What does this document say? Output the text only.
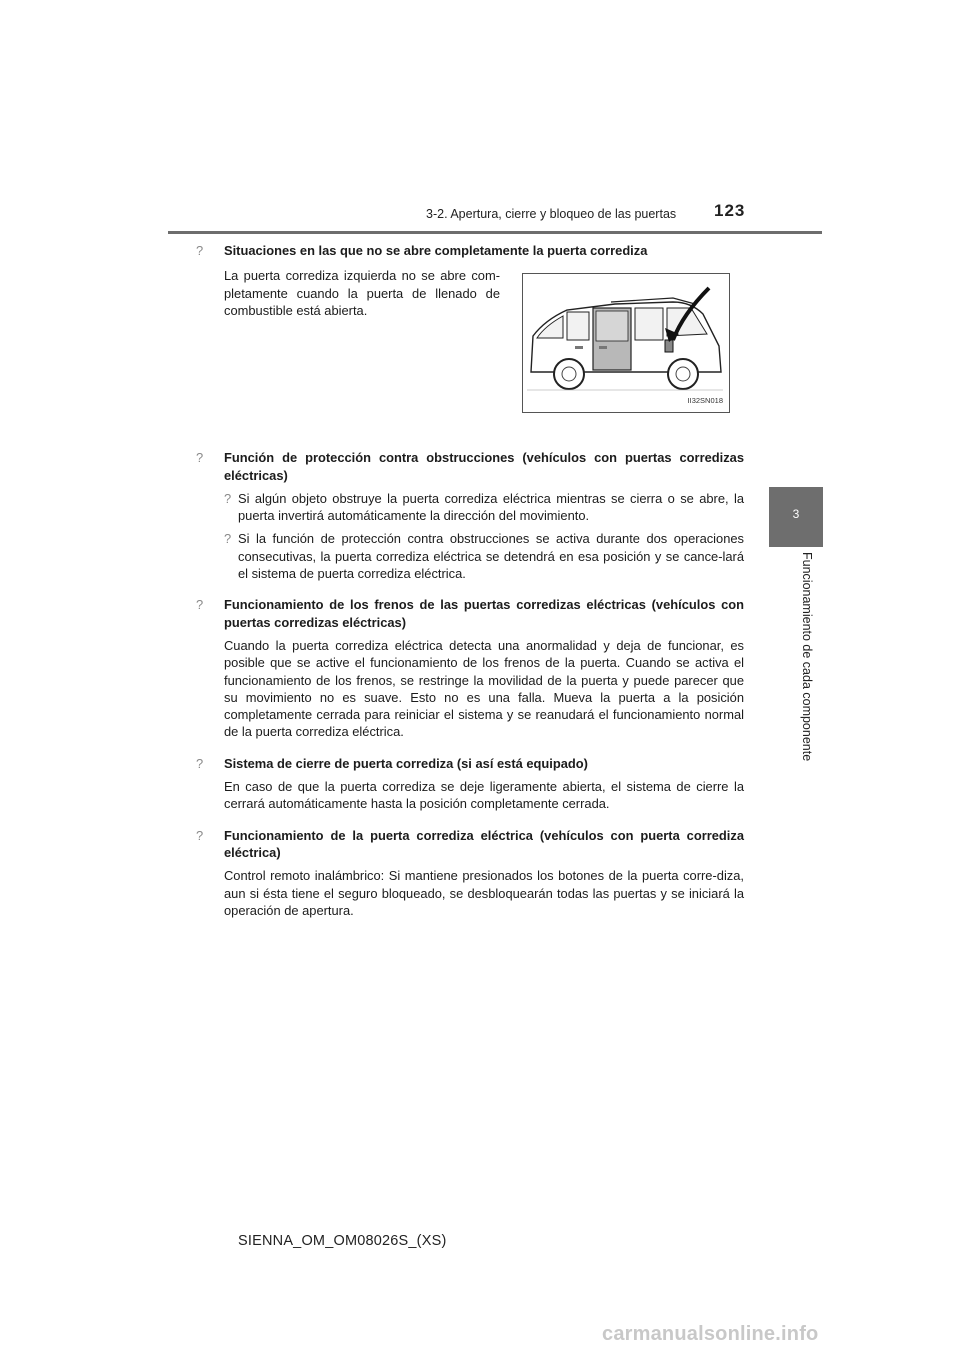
3-2. Apertura, cierre y bloqueo de las puertas	123
3
Funcionamiento de cada componente
?	Situaciones en las que no se abre completamente la puerta corrediza

La puerta corrediza izquierda no se abre com-pletamente cuando la puerta de llenado de combustible está abierta.
II32SN018
?	Función de protección contra obstrucciones (vehículos con puertas corredizas eléctricas)

? Si algún objeto obstruye la puerta corrediza eléctrica mientras se cierra o se abre, la puerta invertirá automáticamente la dirección del movimiento.
? Si la función de protección contra obstrucciones se activa durante dos operaciones consecutivas, la puerta corrediza eléctrica se detendrá en esa posición y se cance-lará el sistema de puerta corrediza eléctrica.
?	Funcionamiento de los frenos de las puertas corredizas eléctricas (vehículos con puertas corredizas eléctricas)

Cuando la puerta corrediza eléctrica detecta una anormalidad y deja de funcionar, es posible que se active el funcionamiento de los frenos de la puerta. Cuando se activa el funcionamiento de los frenos, se restringe la movilidad de la puerta y puede parecer que su movimiento no es suave. Esto no es una falla. Mueva la puerta a la posición completamente cerrada para reiniciar el sistema y se reanudará el funcionamiento normal de la puerta corrediza eléctrica.

?	Sistema de cierre de puerta corrediza (si así está equipado)

En caso de que la puerta corrediza se deje ligeramente abierta, el sistema de cierre la cerrará automáticamente hasta la posición completamente cerrada.

?	Funcionamiento de la puerta corrediza eléctrica (vehículos con puerta corrediza eléctrica)

Control remoto inalámbrico: Si mantiene presionados los botones de la puerta corre-diza, aun si ésta tiene el seguro bloqueado, se desbloquearán todas las puertas y se iniciará la operación de apertura.

SIENNA_OM_OM08026S_(XS)
carmanualsonline.info
